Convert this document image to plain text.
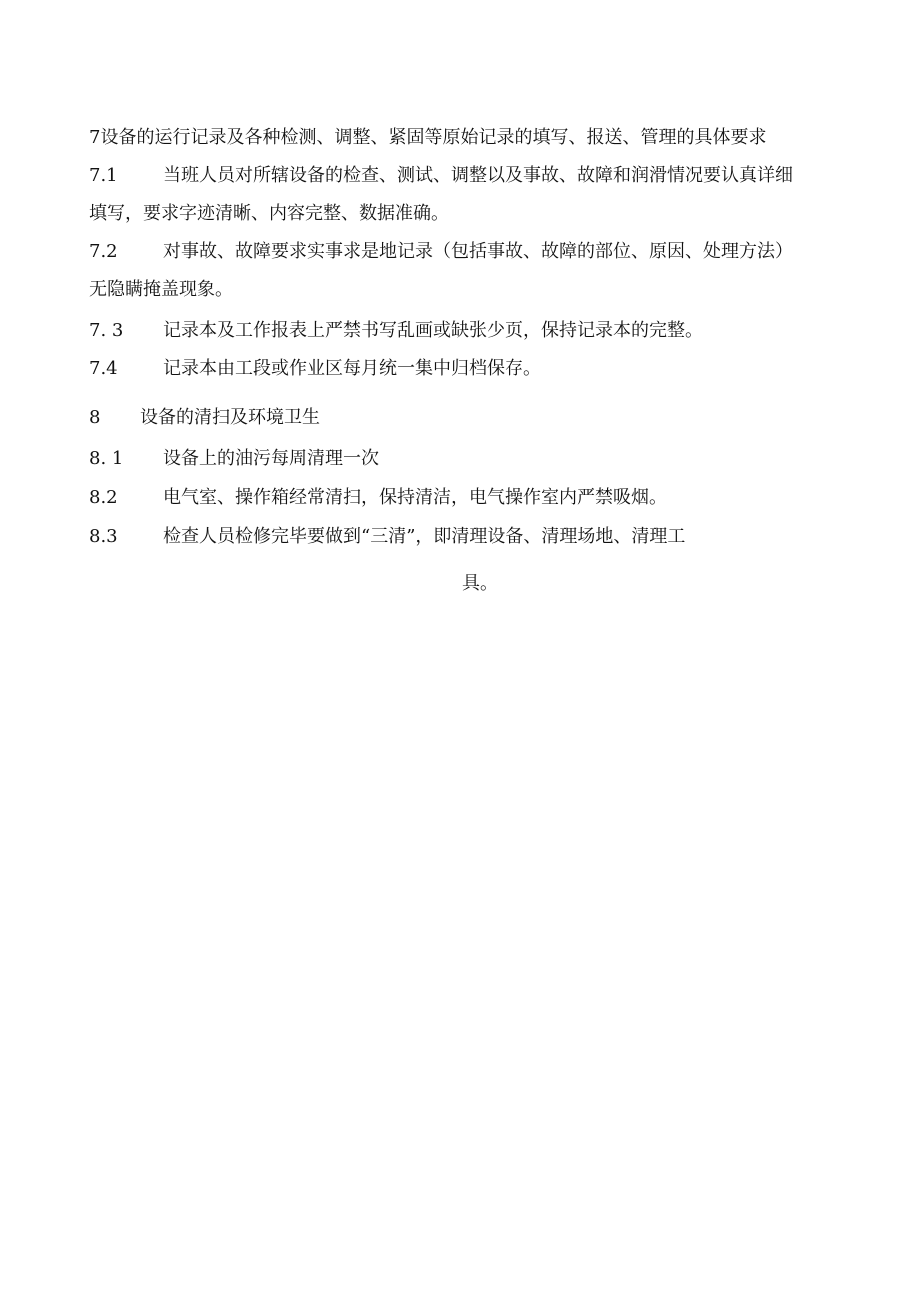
7设备的运行记录及各种检测、调整、紧固等原始记录的填写、报送、管理的具体要求
7.1	当班人员对所辖设备的检查、测试、调整以及事故、故障和润滑情况要认真详细
填写，要求字迹清晰、内容完整、数据准确。
7.2	对事故、故障要求实事求是地记录（包括事故、故障的部位、原因、处理方法）
无隐瞒掩盖现象。
7. 3 记录本及工作报表上严禁书写乱画或缺张少页，保持记录本的完整。
7.4	记录本由工段或作业区每月统一集中归档保存。
8 设备的清扫及环境卫生
8. 1 设备上的油污每周清理一次
8.2	电气室、操作箱经常清扫，保持清洁，电气操作室内严禁吸烟。
8.3	检查人员检修完毕要做到“三清”，即清理设备、清理场地、清理工
具。
